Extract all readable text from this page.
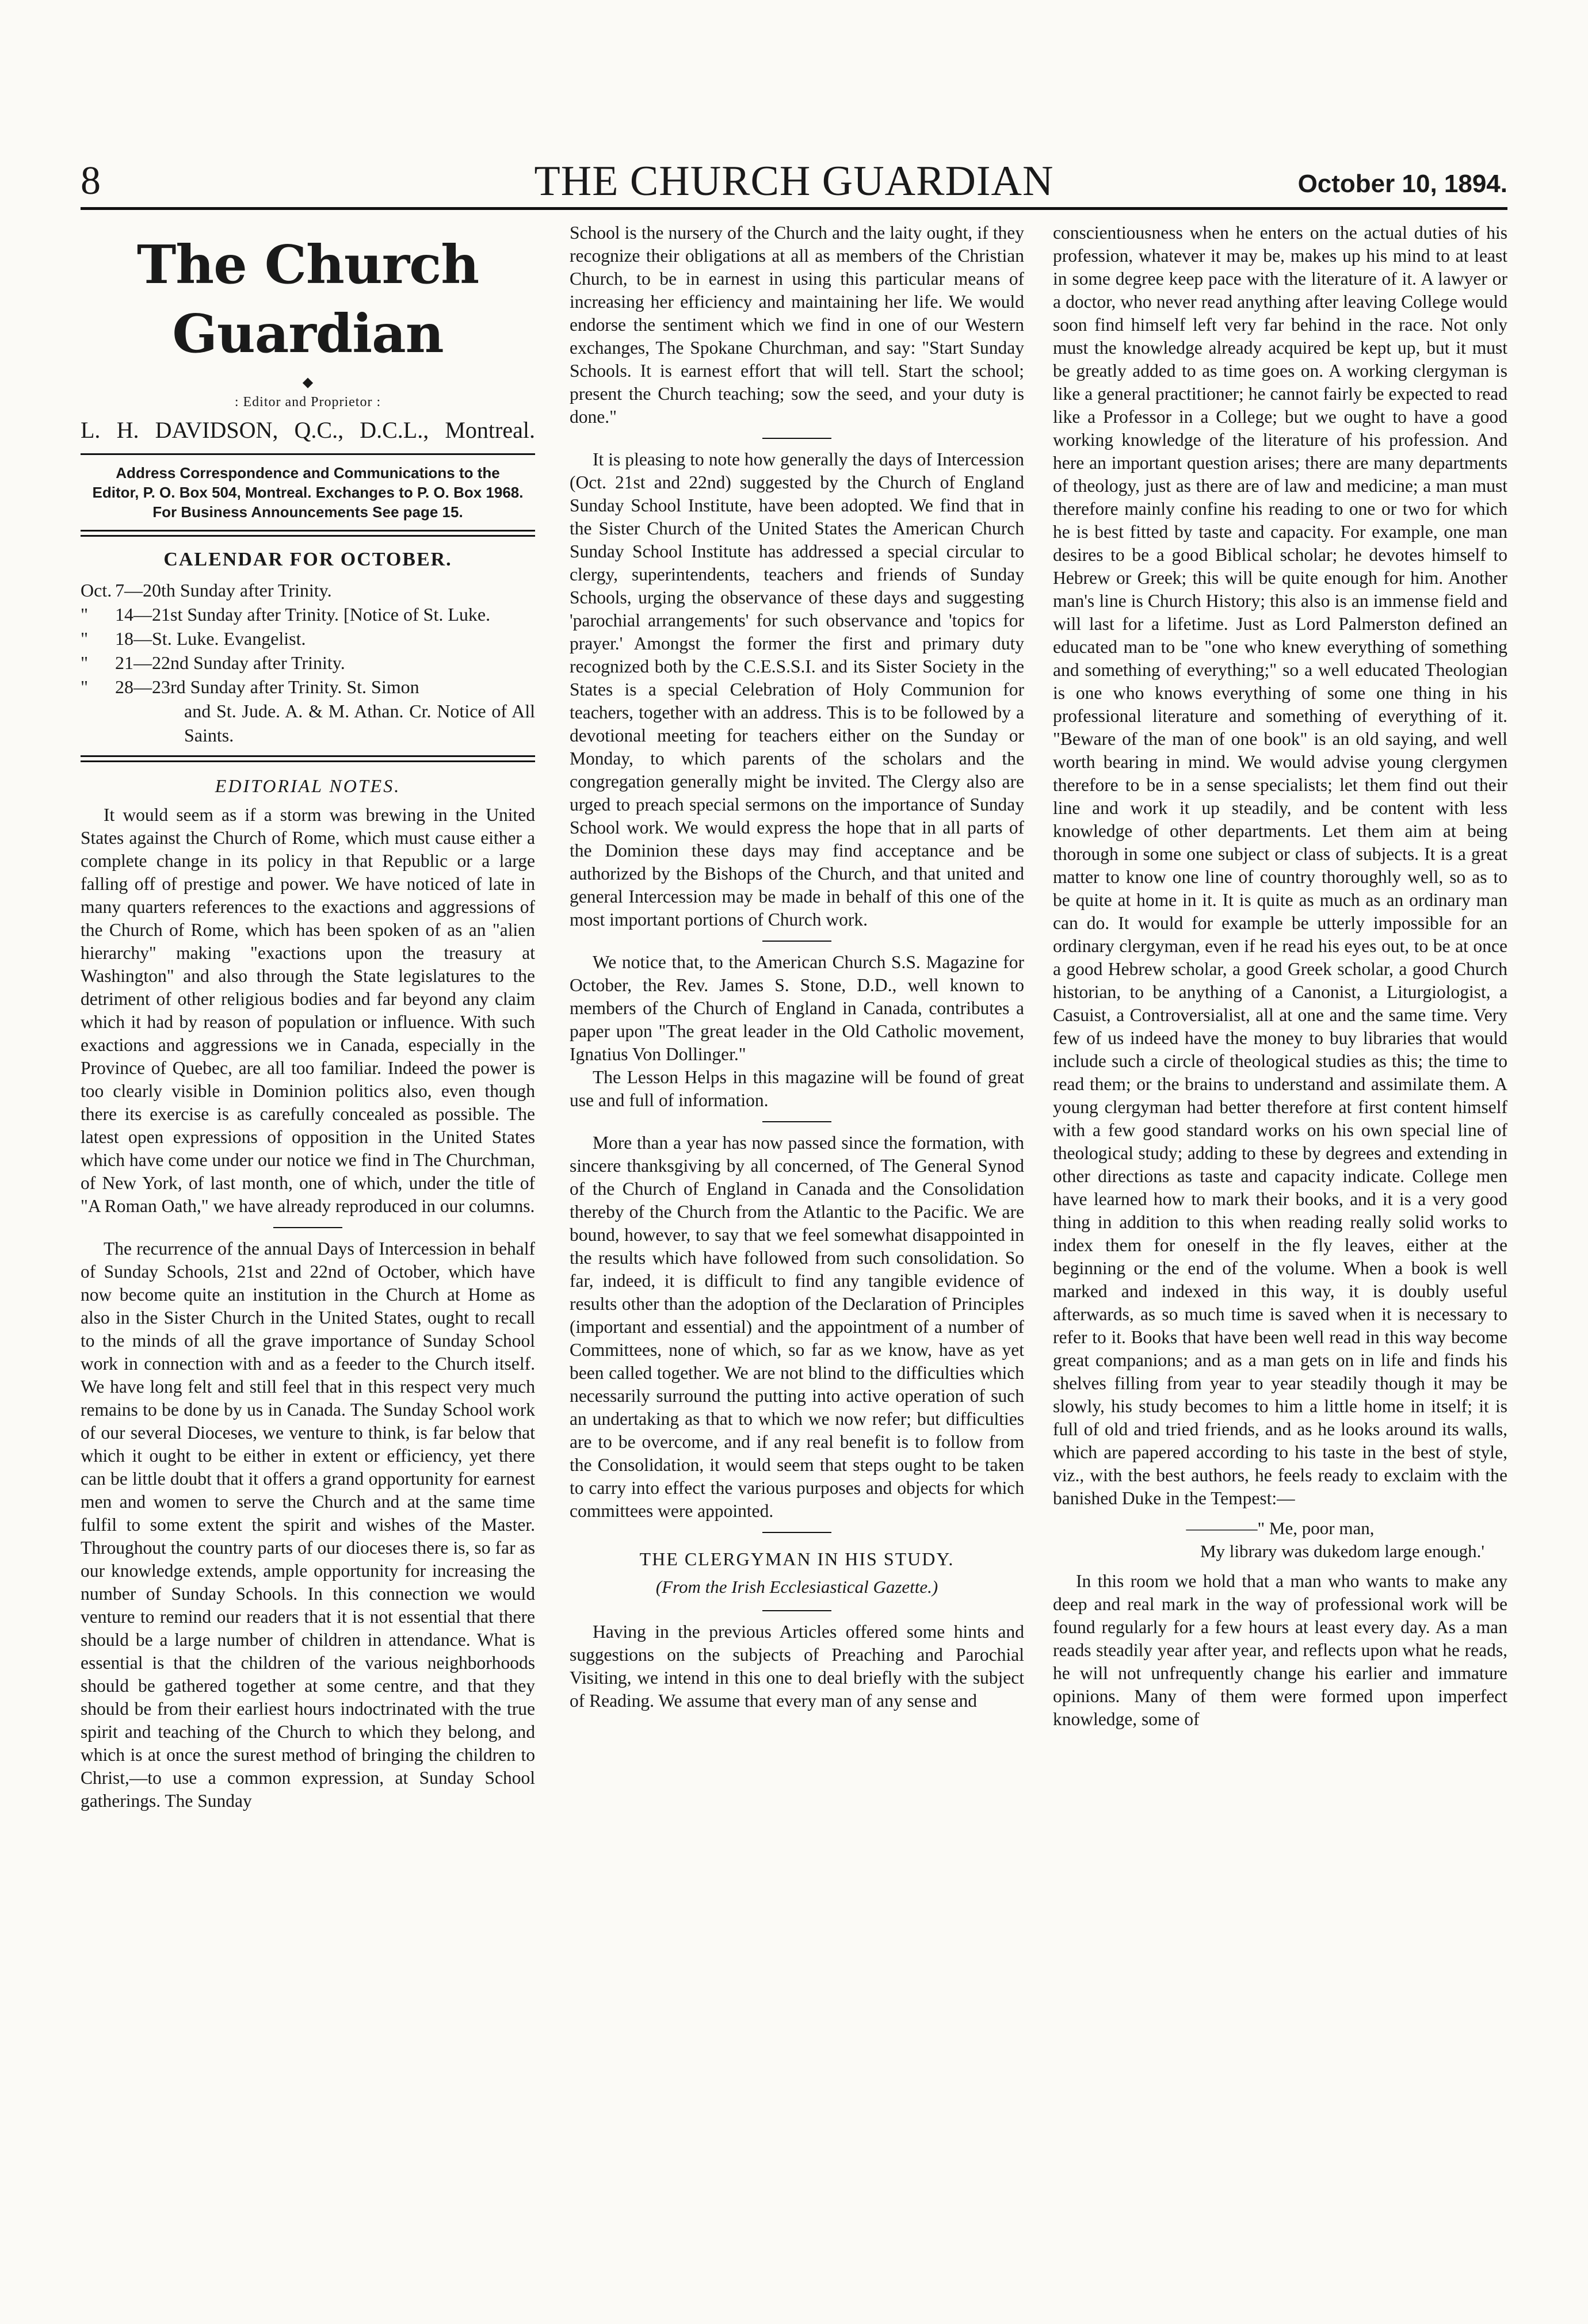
8	THE CHURCH GUARDIAN	October 10, 1894.
The Church Guardian
◆
: Editor and Proprietor :
L. H. DAVIDSON, Q.C., D.C.L., Montreal.
Address Correspondence and Communications to the Editor, P. O. Box 504, Montreal. Exchanges to P. O. Box 1968. For Business Announcements See page 15.
CALENDAR FOR OCTOBER.
Oct. 7—20th Sunday after Trinity.
"	14—21st Sunday after Trinity. [Notice of St. Luke.
"	18—St. Luke. Evangelist.
"	21—22nd Sunday after Trinity.
"	28—23rd Sunday after Trinity. St. Simon
and St. Jude. A. & M. Athan. Cr. Notice of All Saints.
EDITORIAL NOTES.

It would seem as if a storm was brewing in the United States against the Church of Rome, which must cause either a complete change in its policy in that Republic or a large falling off of prestige and power. We have noticed of late in many quarters references to the exactions and aggressions of the Church of Rome, which has been spoken of as an "alien hierarchy" making "exactions upon the treasury at Washington" and also through the State legislatures to the detriment of other religious bodies and far beyond any claim which it had by reason of population or influence. With such exactions and aggressions we in Canada, especially in the Province of Quebec, are all too familiar. Indeed the power is too clearly visible in Dominion politics also, even though there its exercise is as carefully concealed as possible. The latest open expressions of opposition in the United States which have come under our notice we find in The Churchman, of New York, of last month, one of which, under the title of "A Roman Oath," we have already reproduced in our columns.

The recurrence of the annual Days of Intercession in behalf of Sunday Schools, 21st and 22nd of October, which have now become quite an institution in the Church at Home as also in the Sister Church in the United States, ought to recall to the minds of all the grave importance of Sunday School work in connection with and as a feeder to the Church itself. We have long felt and still feel that in this respect very much remains to be done by us in Canada. The Sunday School work of our several Dioceses, we venture to think, is far below that which it ought to be either in extent or efficiency, yet there can be little doubt that it offers a grand opportunity for earnest men and women to serve the Church and at the same time fulfil to some extent the spirit and wishes of the Master. Throughout the country parts of our dioceses there is, so far as our knowledge extends, ample opportunity for increasing the number of Sunday Schools. In this connection we would venture to remind our readers that it is not essential that there should be a large number of children in attendance. What is essential is that the children of the various neighborhoods should be gathered together at some centre, and that they should be from their earliest hours indoctrinated with the true spirit and teaching of the Church to which they belong, and which is at once the surest method of bringing the children to Christ,—to use a common expression, at Sunday School gatherings. The Sunday

School is the nursery of the Church and the laity ought, if they recognize their obligations at all as members of the Christian Church, to be in earnest in using this particular means of increasing her efficiency and maintaining her life. We would endorse the sentiment which we find in one of our Western exchanges, The Spokane Churchman, and say: "Start Sunday Schools. It is earnest effort that will tell. Start the school; present the Church teaching; sow the seed, and your duty is done."

It is pleasing to note how generally the days of Intercession (Oct. 21st and 22nd) suggested by the Church of England Sunday School Institute, have been adopted. We find that in the Sister Church of the United States the American Church Sunday School Institute has addressed a special circular to clergy, superintendents, teachers and friends of Sunday Schools, urging the observance of these days and suggesting 'parochial arrangements' for such observance and 'topics for prayer.' Amongst the former the first and primary duty recognized both by the C.E.S.S.I. and its Sister Society in the States is a special Celebration of Holy Communion for teachers, together with an address. This is to be followed by a devotional meeting for teachers either on the Sunday or Monday, to which parents of the scholars and the congregation generally might be invited. The Clergy also are urged to preach special sermons on the importance of Sunday School work. We would express the hope that in all parts of the Dominion these days may find acceptance and be authorized by the Bishops of the Church, and that united and general Intercession may be made in behalf of this one of the most important portions of Church work.

We notice that, to the American Church S.S. Magazine for October, the Rev. James S. Stone, D.D., well known to members of the Church of England in Canada, contributes a paper upon "The great leader in the Old Catholic movement, Ignatius Von Dollinger."

The Lesson Helps in this magazine will be found of great use and full of information.

More than a year has now passed since the formation, with sincere thanksgiving by all concerned, of The General Synod of the Church of England in Canada and the Consolidation thereby of the Church from the Atlantic to the Pacific. We are bound, however, to say that we feel somewhat disappointed in the results which have followed from such consolidation. So far, indeed, it is difficult to find any tangible evidence of results other than the adoption of the Declaration of Principles (important and essential) and the appointment of a number of Committees, none of which, so far as we know, have as yet been called together. We are not blind to the difficulties which necessarily surround the putting into active operation of such an undertaking as that to which we now refer; but difficulties are to be overcome, and if any real benefit is to follow from the Consolidation, it would seem that steps ought to be taken to carry into effect the various purposes and objects for which committees were appointed.

THE CLERGYMAN IN HIS STUDY.
(From the Irish Ecclesiastical Gazette.)

Having in the previous Articles offered some hints and suggestions on the subjects of Preaching and Parochial Visiting, we intend in this one to deal briefly with the subject of Reading. We assume that every man of any sense and

conscientiousness when he enters on the actual duties of his profession, whatever it may be, makes up his mind to at least in some degree keep pace with the literature of it. A lawyer or a doctor, who never read anything after leaving College would soon find himself left very far behind in the race. Not only must the knowledge already acquired be kept up, but it must be greatly added to as time goes on. A working clergyman is like a general practitioner; he cannot fairly be expected to read like a Professor in a College; but we ought to have a good working knowledge of the literature of his profession. And here an important question arises; there are many departments of theology, just as there are of law and medicine; a man must therefore mainly confine his reading to one or two for which he is best fitted by taste and capacity. For example, one man desires to be a good Biblical scholar; he devotes himself to Hebrew or Greek; this will be quite enough for him. Another man's line is Church History; this also is an immense field and will last for a lifetime. Just as Lord Palmerston defined an educated man to be "one who knew everything of something and something of everything;" so a well educated Theologian is one who knows everything of some one thing in his professional literature and something of everything of it. "Beware of the man of one book" is an old saying, and well worth bearing in mind. We would advise young clergymen therefore to be in a sense specialists; let them find out their line and work it up steadily, and be content with less knowledge of other departments. Let them aim at being thorough in some one subject or class of subjects. It is a great matter to know one line of country thoroughly well, so as to be quite at home in it. It is quite as much as an ordinary man can do. It would for example be utterly impossible for an ordinary clergyman, even if he read his eyes out, to be at once a good Hebrew scholar, a good Greek scholar, a good Church historian, to be anything of a Canonist, a Liturgiologist, a Casuist, a Controversialist, all at one and the same time. Very few of us indeed have the money to buy libraries that would include such a circle of theological studies as this; the time to read them; or the brains to understand and assimilate them. A young clergyman had better therefore at first content himself with a few good standard works on his own special line of theological study; adding to these by degrees and extending in other directions as taste and capacity indicate. College men have learned how to mark their books, and it is a very good thing in addition to this when reading really solid works to index them for oneself in the fly leaves, either at the beginning or the end of the volume. When a book is well marked and indexed in this way, it is doubly useful afterwards, as so much time is saved when it is necessary to refer to it. Books that have been well read in this way become great companions; and as a man gets on in life and finds his shelves filling from year to year steadily though it may be slowly, his study becomes to him a little home in itself; it is full of old and tried friends, and as he looks around its walls, which are papered according to his taste in the best of style, viz., with the best authors, he feels ready to exclaim with the banished Duke in the Tempest:—

————" Me, poor man,
My library was dukedom large enough.'

In this room we hold that a man who wants to make any deep and real mark in the way of professional work will be found regularly for a few hours at least every day. As a man reads steadily year after year, and reflects upon what he reads, he will not unfrequently change his earlier and immature opinions. Many of them were formed upon imperfect knowledge, some of
